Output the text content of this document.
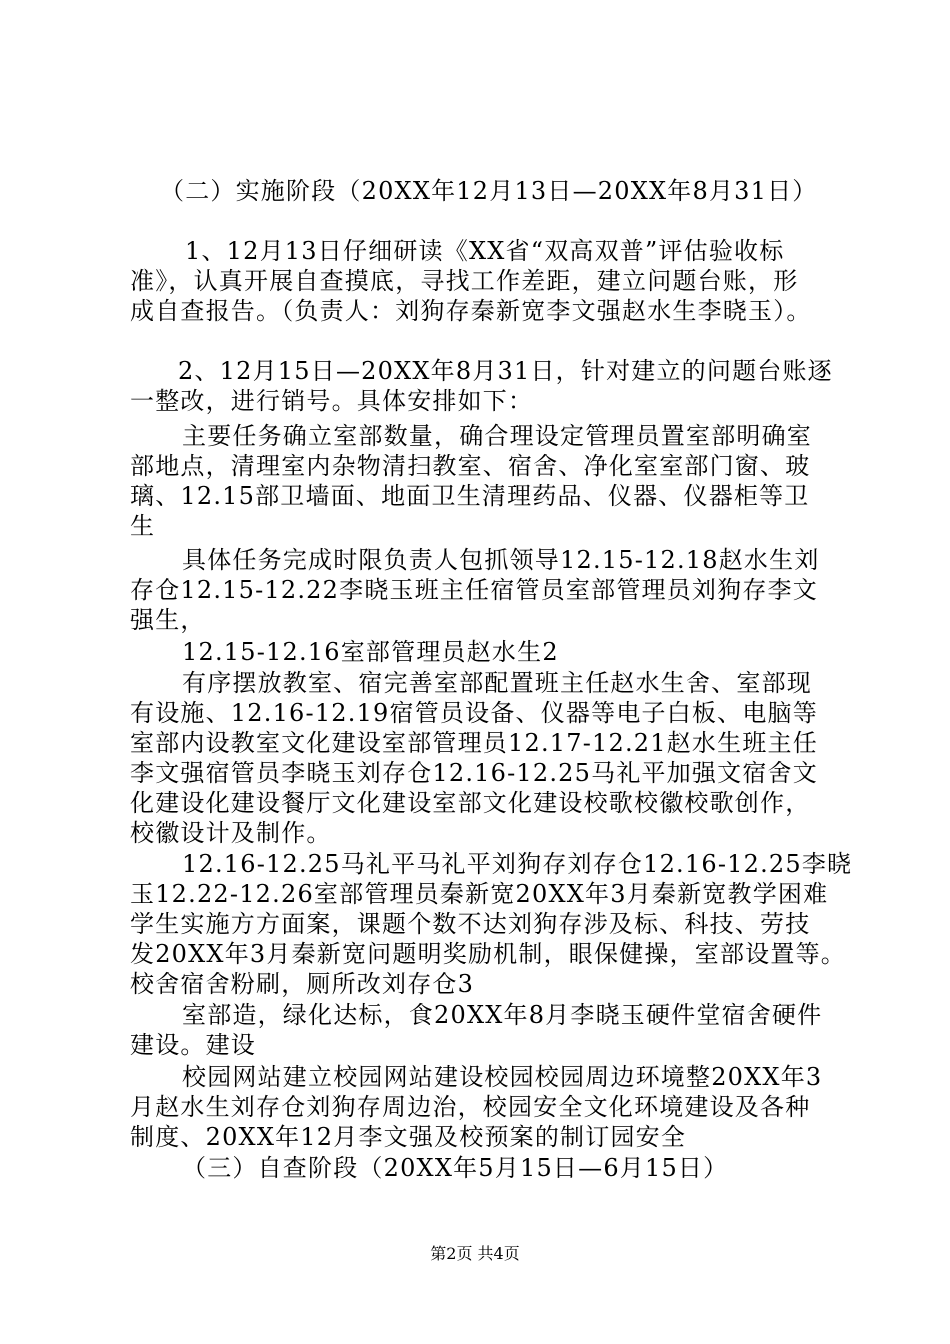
（二）实施阶段（20XX年12月13日—20XX年8月31日）

1、12月13日仔细研读《XX省“双高双普”评估验收标

准》，认真开展自查摸底，寻找工作差距，建立问题台账，形

成自查报告。（负责人：刘狗存秦新宽李文强赵水生李晓玉）。

2、12月15日—20XX年8月31日，针对建立的问题台账逐

一整改，进行销号。具体安排如下：

主要任务确立室部数量，确合理设定管理员置室部明确室

部地点，清理室内杂物清扫教室、宿舍、净化室室部门窗、玻

璃、12.15部卫墙面、地面卫生清理药品、仪器、仪器柜等卫

生

具体任务完成时限负责人包抓领导12.15-12.18赵水生刘

存仓12.15-12.22李晓玉班主任宿管员室部管理员刘狗存李文

强生，

12.15-12.16室部管理员赵水生2

有序摆放教室、宿完善室部配置班主任赵水生舍、室部现

有设施、12.16-12.19宿管员设备、仪器等电子白板、电脑等

室部内设教室文化建设室部管理员12.17-12.21赵水生班主任

李文强宿管员李晓玉刘存仓12.16-12.25马礼平加强文宿舍文

化建设化建设餐厅文化建设室部文化建设校歌校徽校歌创作，

校徽设计及制作。

12.16-12.25马礼平马礼平刘狗存刘存仓12.16-12.25李晓

玉12.22-12.26室部管理员秦新宽20XX年3月秦新宽教学困难

学生实施方方面案，课题个数不达刘狗存涉及标、科技、劳技

发20XX年3月秦新宽问题明奖励机制，眼保健操，室部设置等。

校舍宿舍粉刷，厕所改刘存仓3

室部造，绿化达标，食20XX年8月李晓玉硬件堂宿舍硬件

建设。建设

校园网站建立校园网站建设校园校园周边环境整20XX年3

月赵水生刘存仓刘狗存周边治，校园安全文化环境建设及各种

制度、20XX年12月李文强及校预案的制订园安全

（三）自查阶段（20XX年5月15日—6月15日）

第2页 共4页
